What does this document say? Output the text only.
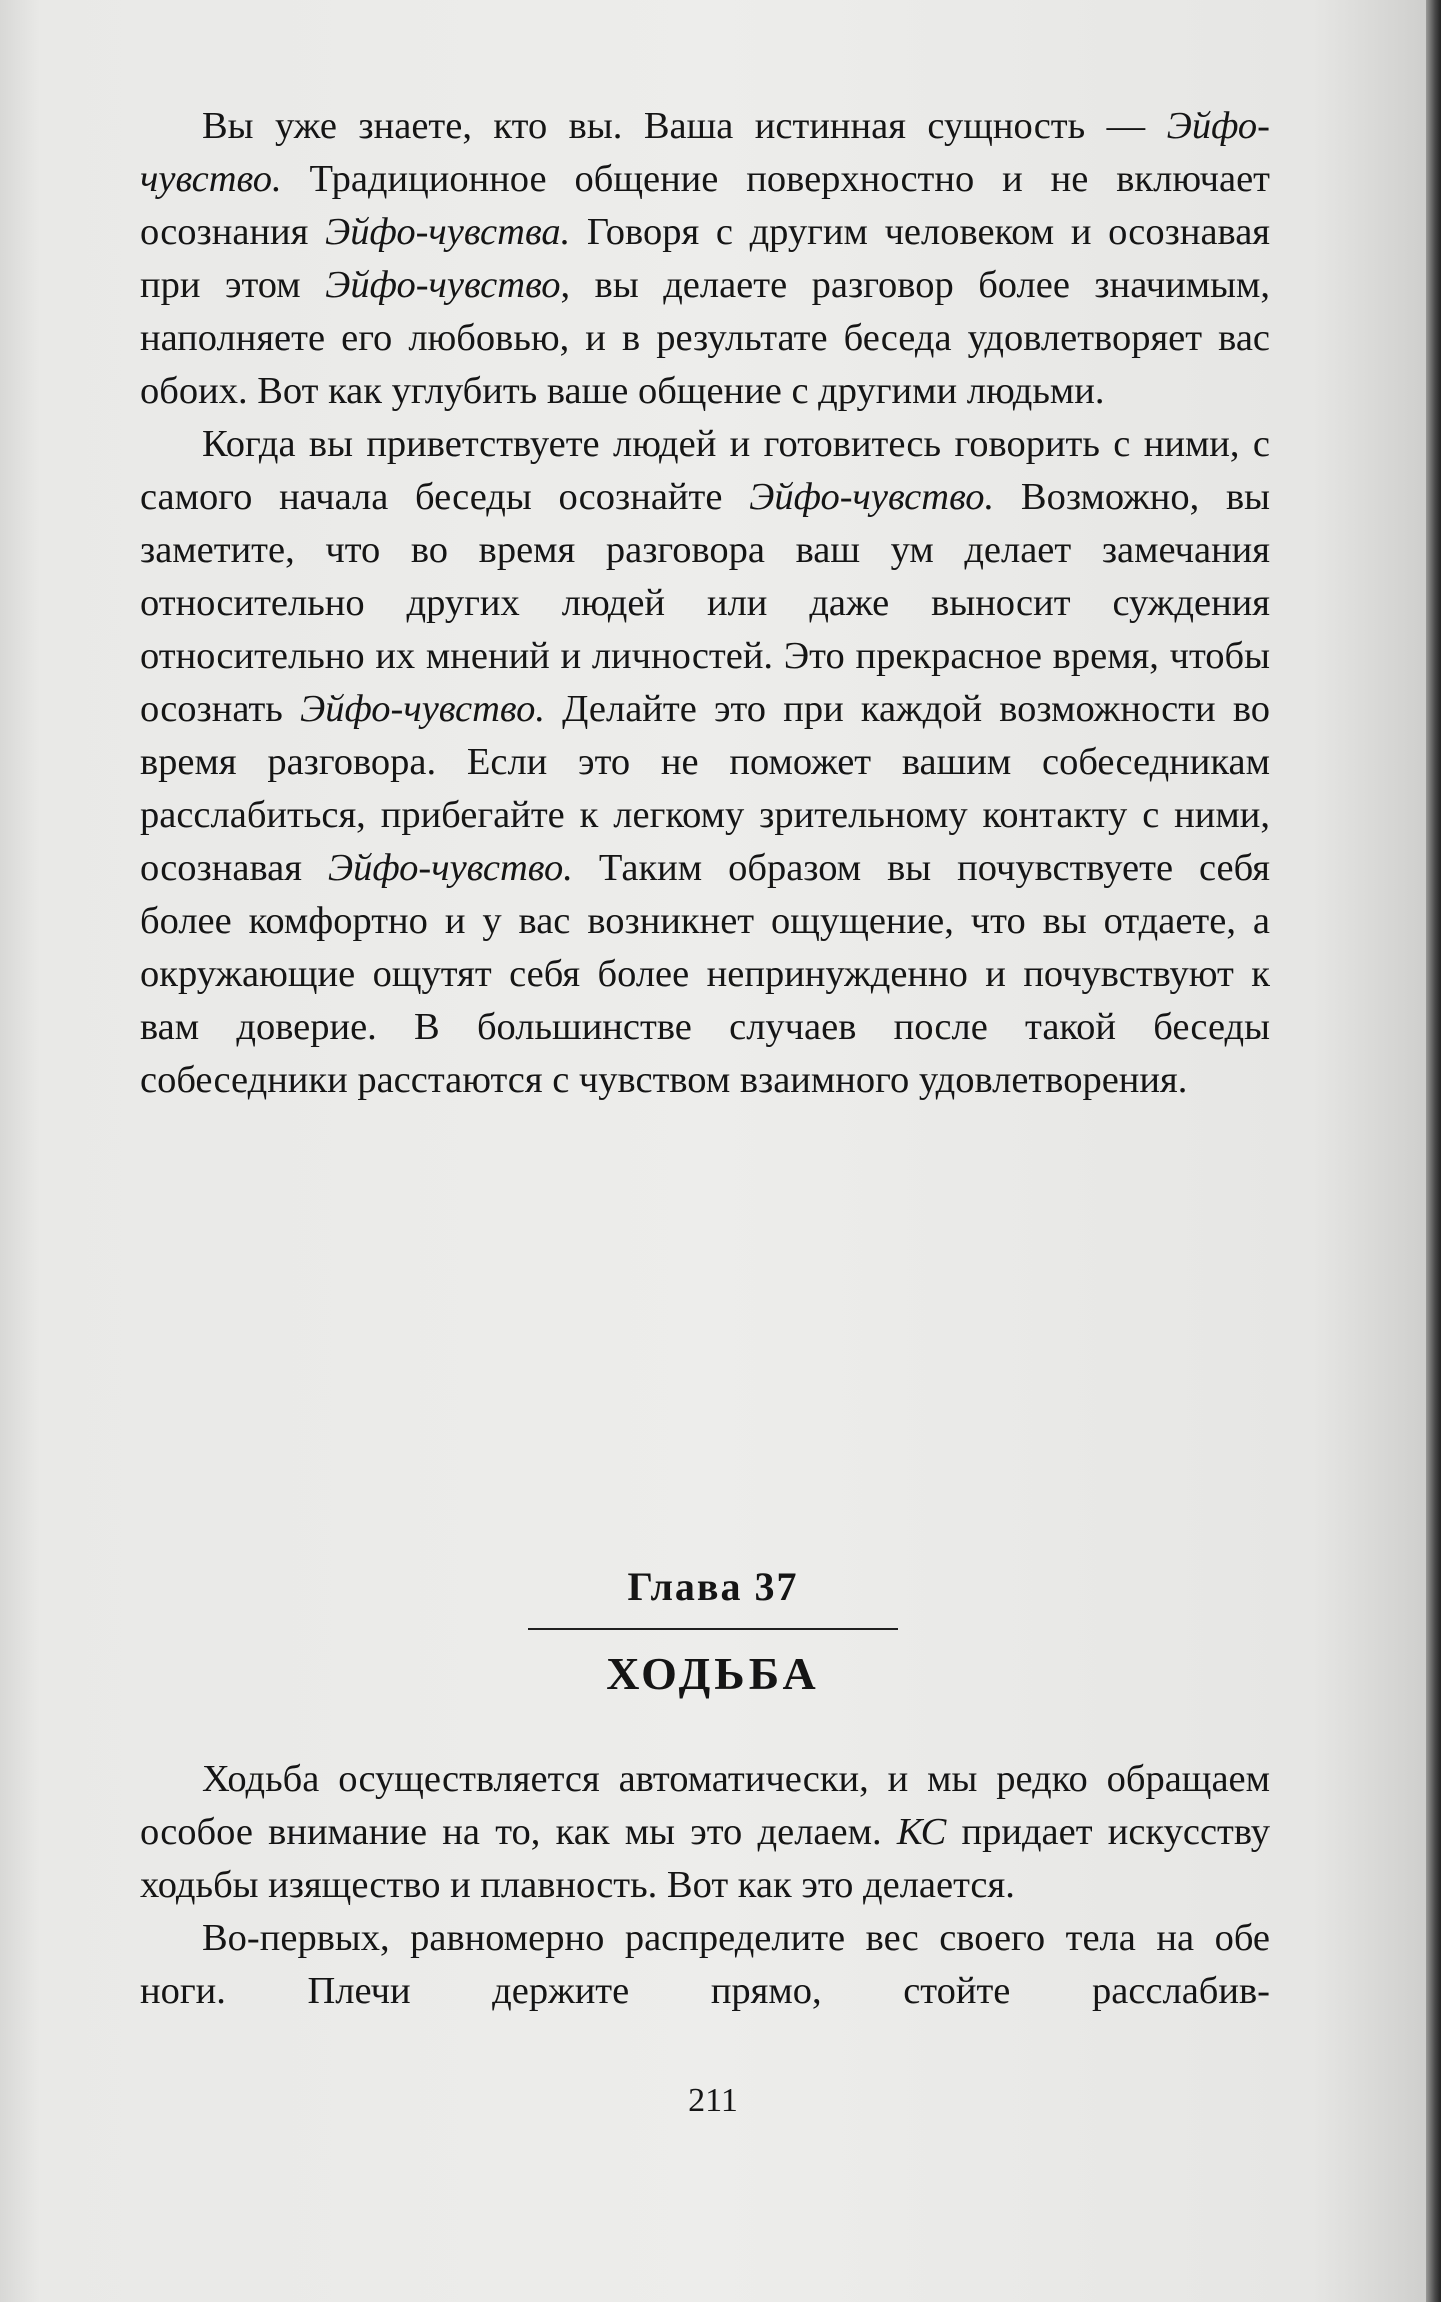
Вы уже знаете, кто вы. Ваша истинная сущность — Эйфо-чувство. Традиционное общение поверхностно и не включает осознания Эйфо-чувства. Говоря с другим человеком и осознавая при этом Эйфо-чувство, вы делаете разговор более значимым, наполняете его любовью, и в результате беседа удовлетворяет вас обоих. Вот как углубить ваше общение с другими людьми.

Когда вы приветствуете людей и готовитесь говорить с ними, с самого начала беседы осознайте Эйфо-чувство. Возможно, вы заметите, что во время разговора ваш ум делает замечания относительно других людей или даже выносит суждения относительно их мнений и личностей. Это прекрасное время, чтобы осознать Эйфо-чувство. Делайте это при каждой возможности во время разговора. Если это не поможет вашим собеседникам расслабиться, прибегайте к легкому зрительному контакту с ними, осознавая Эйфо-чувство. Таким образом вы почувствуете себя более комфортно и у вас возникнет ощущение, что вы отдаете, а окружающие ощутят себя более непринужденно и почувствуют к вам доверие. В большинстве случаев после такой беседы собеседники расстаются с чувством взаимного удовлетворения.

Глава 37
ХОДЬБА

Ходьба осуществляется автоматически, и мы редко обращаем особое внимание на то, как мы это делаем. КС придает искусству ходьбы изящество и плавность. Вот как это делается.

Во-первых, равномерно распределите вес своего тела на обе ноги. Плечи держите прямо, стойте расслабив-

211
